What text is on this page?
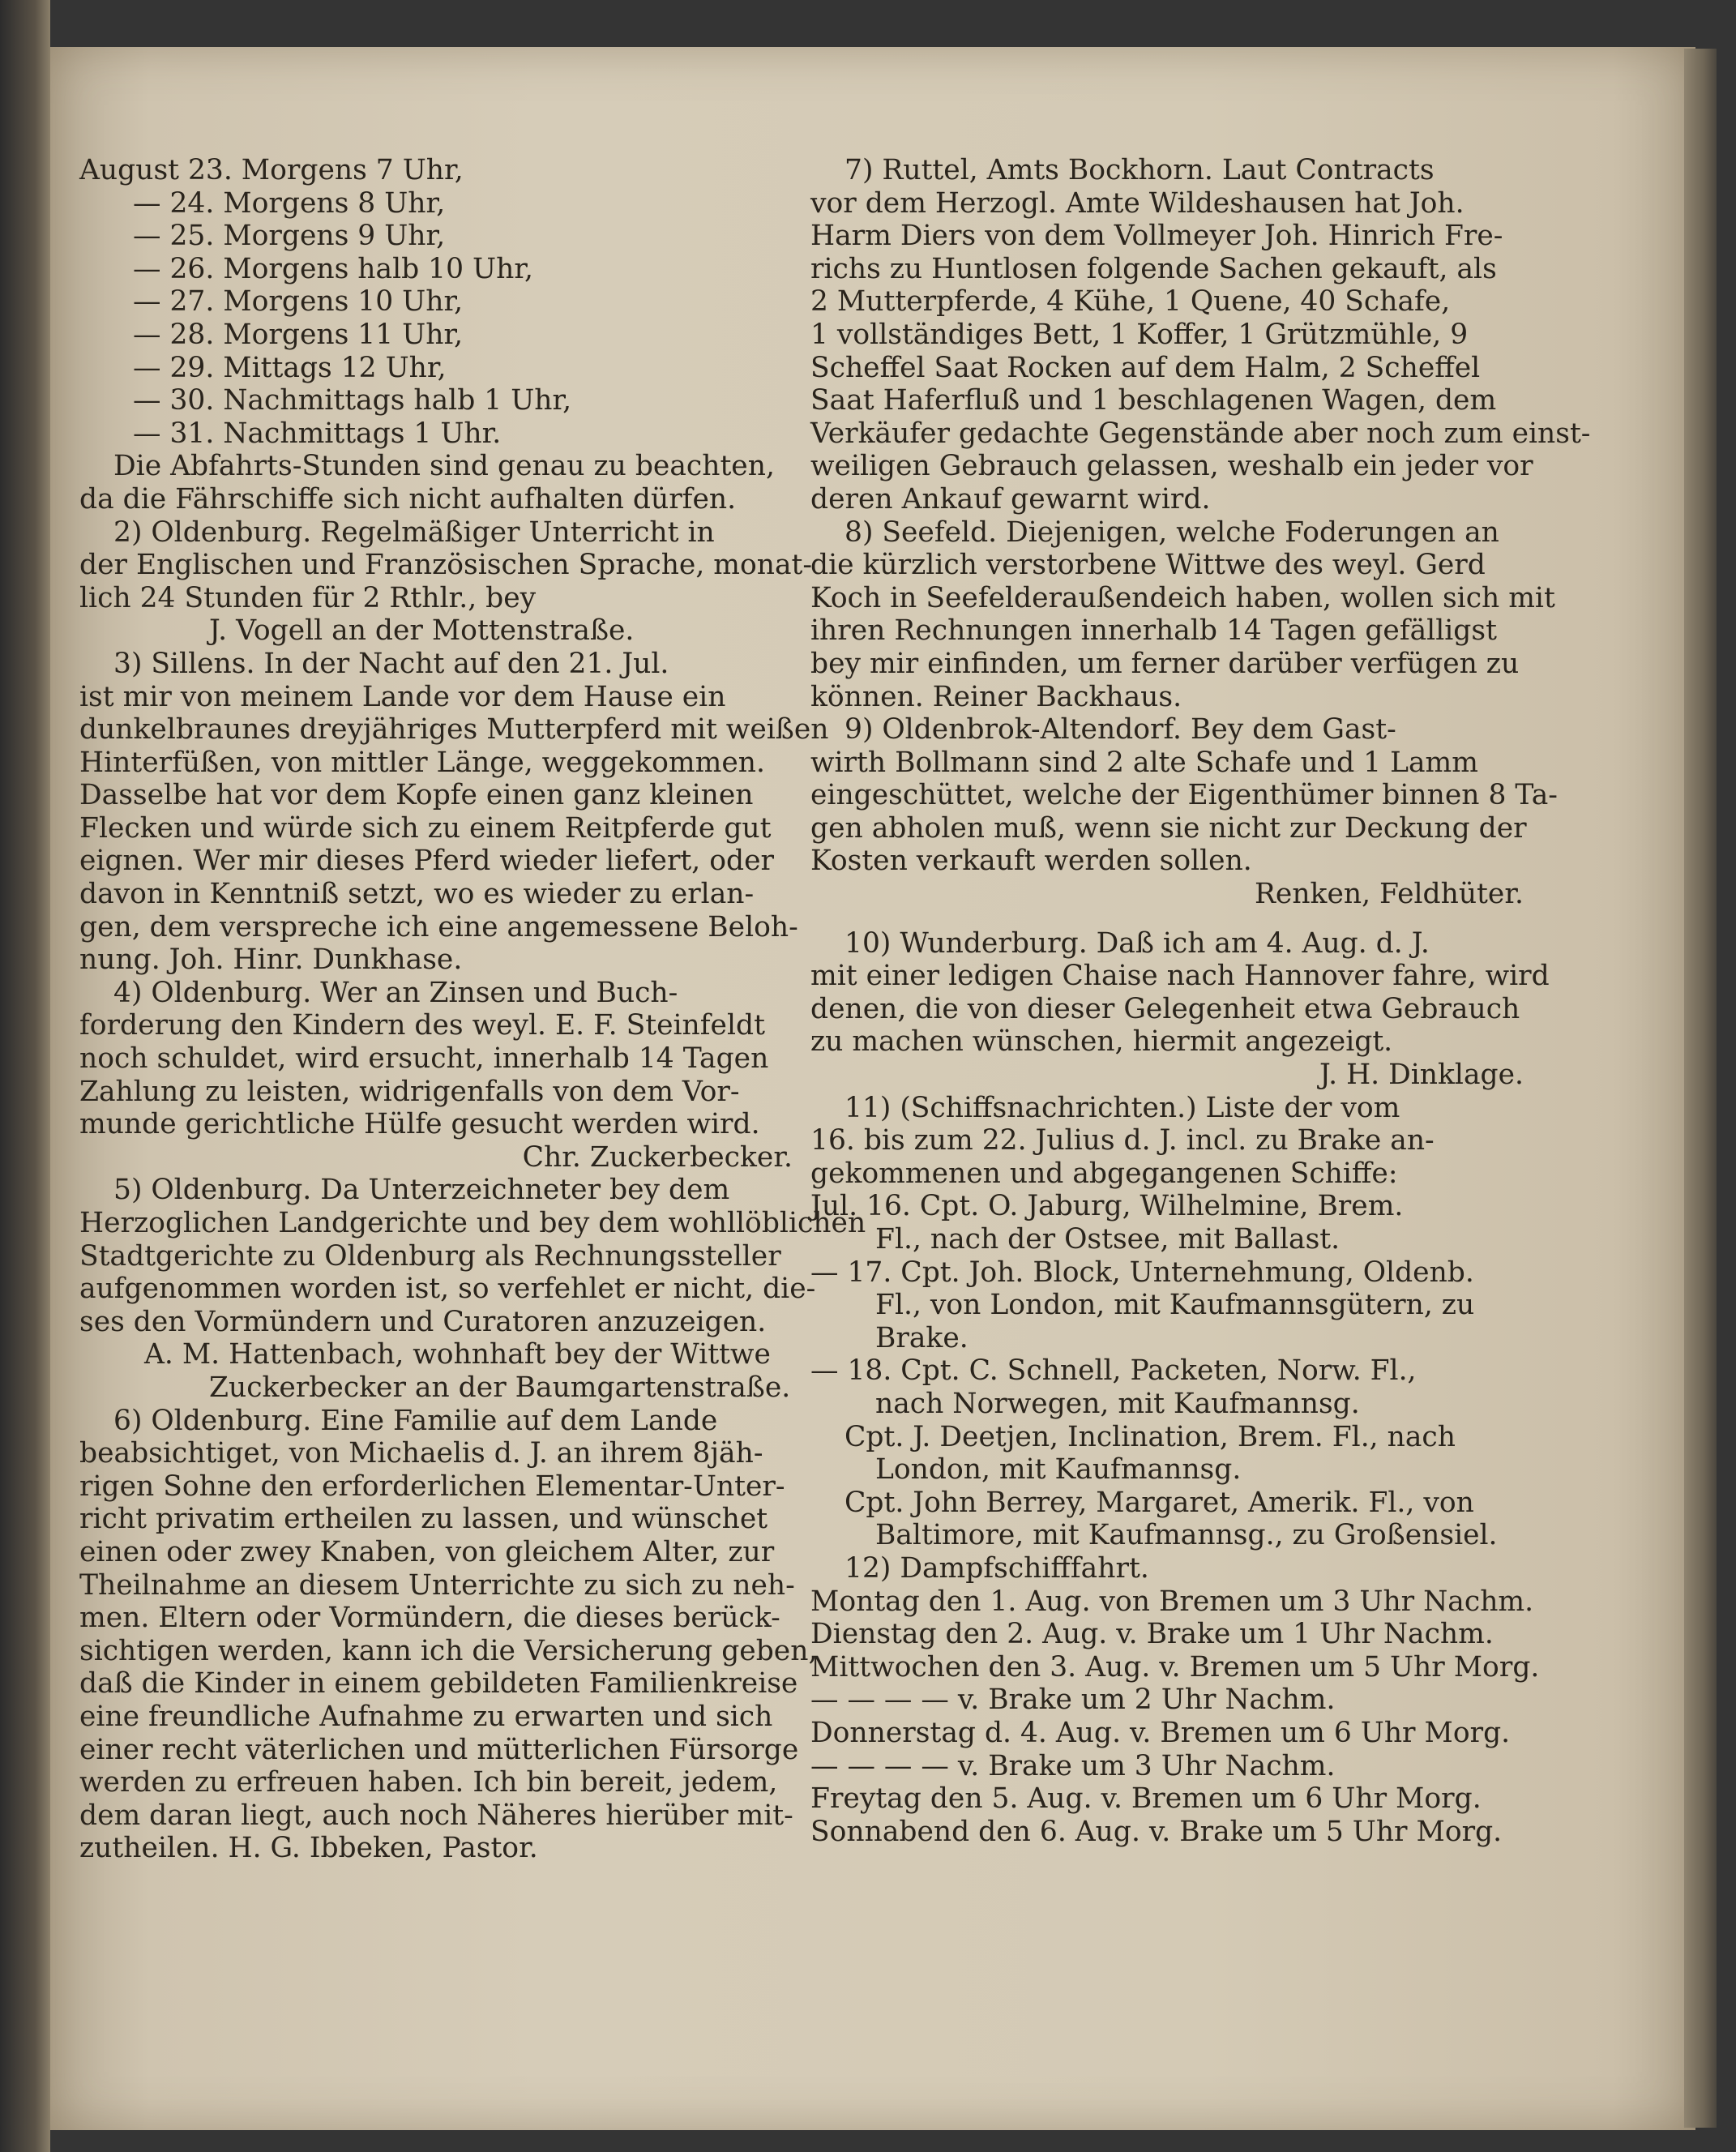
August 23. Morgens 7 Uhr,
— 24. Morgens 8 Uhr,
— 25. Morgens 9 Uhr,
— 26. Morgens halb 10 Uhr,
— 27. Morgens 10 Uhr,
— 28. Morgens 11 Uhr,
— 29. Mittags 12 Uhr,
— 30. Nachmittags halb 1 Uhr,
— 31. Nachmittags 1 Uhr.
Die Abfahrts-Stunden sind genau zu beachten,
da die Fährschiffe sich nicht aufhalten dürfen.
2) Oldenburg. Regelmäßiger Unterricht in
der Englischen und Französischen Sprache, monat-
lich 24 Stunden für 2 Rthlr., bey
J. Vogell an der Mottenstraße.
3) Sillens. In der Nacht auf den 21. Jul.
ist mir von meinem Lande vor dem Hause ein
dunkelbraunes dreyjähriges Mutterpferd mit weißen
Hinterfüßen, von mittler Länge, weggekommen.
Dasselbe hat vor dem Kopfe einen ganz kleinen
Flecken und würde sich zu einem Reitpferde gut
eignen. Wer mir dieses Pferd wieder liefert, oder
davon in Kenntniß setzt, wo es wieder zu erlan-
gen, dem verspreche ich eine angemessene Beloh-
nung. Joh. Hinr. Dunkhase.
4) Oldenburg. Wer an Zinsen und Buch-
forderung den Kindern des weyl. E. F. Steinfeldt
noch schuldet, wird ersucht, innerhalb 14 Tagen
Zahlung zu leisten, widrigenfalls von dem Vor-
munde gerichtliche Hülfe gesucht werden wird.
Chr. Zuckerbecker.
5) Oldenburg. Da Unterzeichneter bey dem
Herzoglichen Landgerichte und bey dem wohllöblichen
Stadtgerichte zu Oldenburg als Rechnungssteller
aufgenommen worden ist, so verfehlet er nicht, die-
ses den Vormündern und Curatoren anzuzeigen.
A. M. Hattenbach, wohnhaft bey der Wittwe
Zuckerbecker an der Baumgartenstraße.
6) Oldenburg. Eine Familie auf dem Lande
beabsichtiget, von Michaelis d. J. an ihrem 8jäh-
rigen Sohne den erforderlichen Elementar-Unter-
richt privatim ertheilen zu lassen, und wünschet
einen oder zwey Knaben, von gleichem Alter, zur
Theilnahme an diesem Unterrichte zu sich zu neh-
men. Eltern oder Vormündern, die dieses berück-
sichtigen werden, kann ich die Versicherung geben,
daß die Kinder in einem gebildeten Familienkreise
eine freundliche Aufnahme zu erwarten und sich
einer recht väterlichen und mütterlichen Fürsorge
werden zu erfreuen haben. Ich bin bereit, jedem,
dem daran liegt, auch noch Näheres hierüber mit-
zutheilen. H. G. Ibbeken, Pastor.
7) Ruttel, Amts Bockhorn. Laut Contracts
vor dem Herzogl. Amte Wildeshausen hat Joh.
Harm Diers von dem Vollmeyer Joh. Hinrich Fre-
richs zu Huntlosen folgende Sachen gekauft, als
2 Mutterpferde, 4 Kühe, 1 Quene, 40 Schafe,
1 vollständiges Bett, 1 Koffer, 1 Grützmühle, 9
Scheffel Saat Rocken auf dem Halm, 2 Scheffel
Saat Haferfluß und 1 beschlagenen Wagen, dem
Verkäufer gedachte Gegenstände aber noch zum einst-
weiligen Gebrauch gelassen, weshalb ein jeder vor
deren Ankauf gewarnt wird.
8) Seefeld. Diejenigen, welche Foderungen an
die kürzlich verstorbene Wittwe des weyl. Gerd
Koch in Seefelderaußendeich haben, wollen sich mit
ihren Rechnungen innerhalb 14 Tagen gefälligst
bey mir einfinden, um ferner darüber verfügen zu
können. Reiner Backhaus.
9) Oldenbrok-Altendorf. Bey dem Gast-
wirth Bollmann sind 2 alte Schafe und 1 Lamm
eingeschüttet, welche der Eigenthümer binnen 8 Ta-
gen abholen muß, wenn sie nicht zur Deckung der
Kosten verkauft werden sollen.
Renken, Feldhüter.
10) Wunderburg. Daß ich am 4. Aug. d. J.
mit einer ledigen Chaise nach Hannover fahre, wird
denen, die von dieser Gelegenheit etwa Gebrauch
zu machen wünschen, hiermit angezeigt.
J. H. Dinklage.
11) (Schiffsnachrichten.) Liste der vom
16. bis zum 22. Julius d. J. incl. zu Brake an-
gekommenen und abgegangenen Schiffe:
Jul. 16. Cpt. O. Jaburg, Wilhelmine, Brem.
Fl., nach der Ostsee, mit Ballast.
— 17. Cpt. Joh. Block, Unternehmung, Oldenb.
Fl., von London, mit Kaufmannsgütern, zu
Brake.
— 18. Cpt. C. Schnell, Packeten, Norw. Fl.,
nach Norwegen, mit Kaufmannsg.
Cpt. J. Deetjen, Inclination, Brem. Fl., nach
London, mit Kaufmannsg.
Cpt. John Berrey, Margaret, Amerik. Fl., von
Baltimore, mit Kaufmannsg., zu Großensiel.
12) Dampfschifffahrt.
Montag den 1. Aug. von Bremen um 3 Uhr Nachm.
Dienstag den 2. Aug. v. Brake um 1 Uhr Nachm.
Mittwochen den 3. Aug. v. Bremen um 5 Uhr Morg.
— — — — v. Brake um 2 Uhr Nachm.
Donnerstag d. 4. Aug. v. Bremen um 6 Uhr Morg.
— — — — v. Brake um 3 Uhr Nachm.
Freytag den 5. Aug. v. Bremen um 6 Uhr Morg.
Sonnabend den 6. Aug. v. Brake um 5 Uhr Morg.
